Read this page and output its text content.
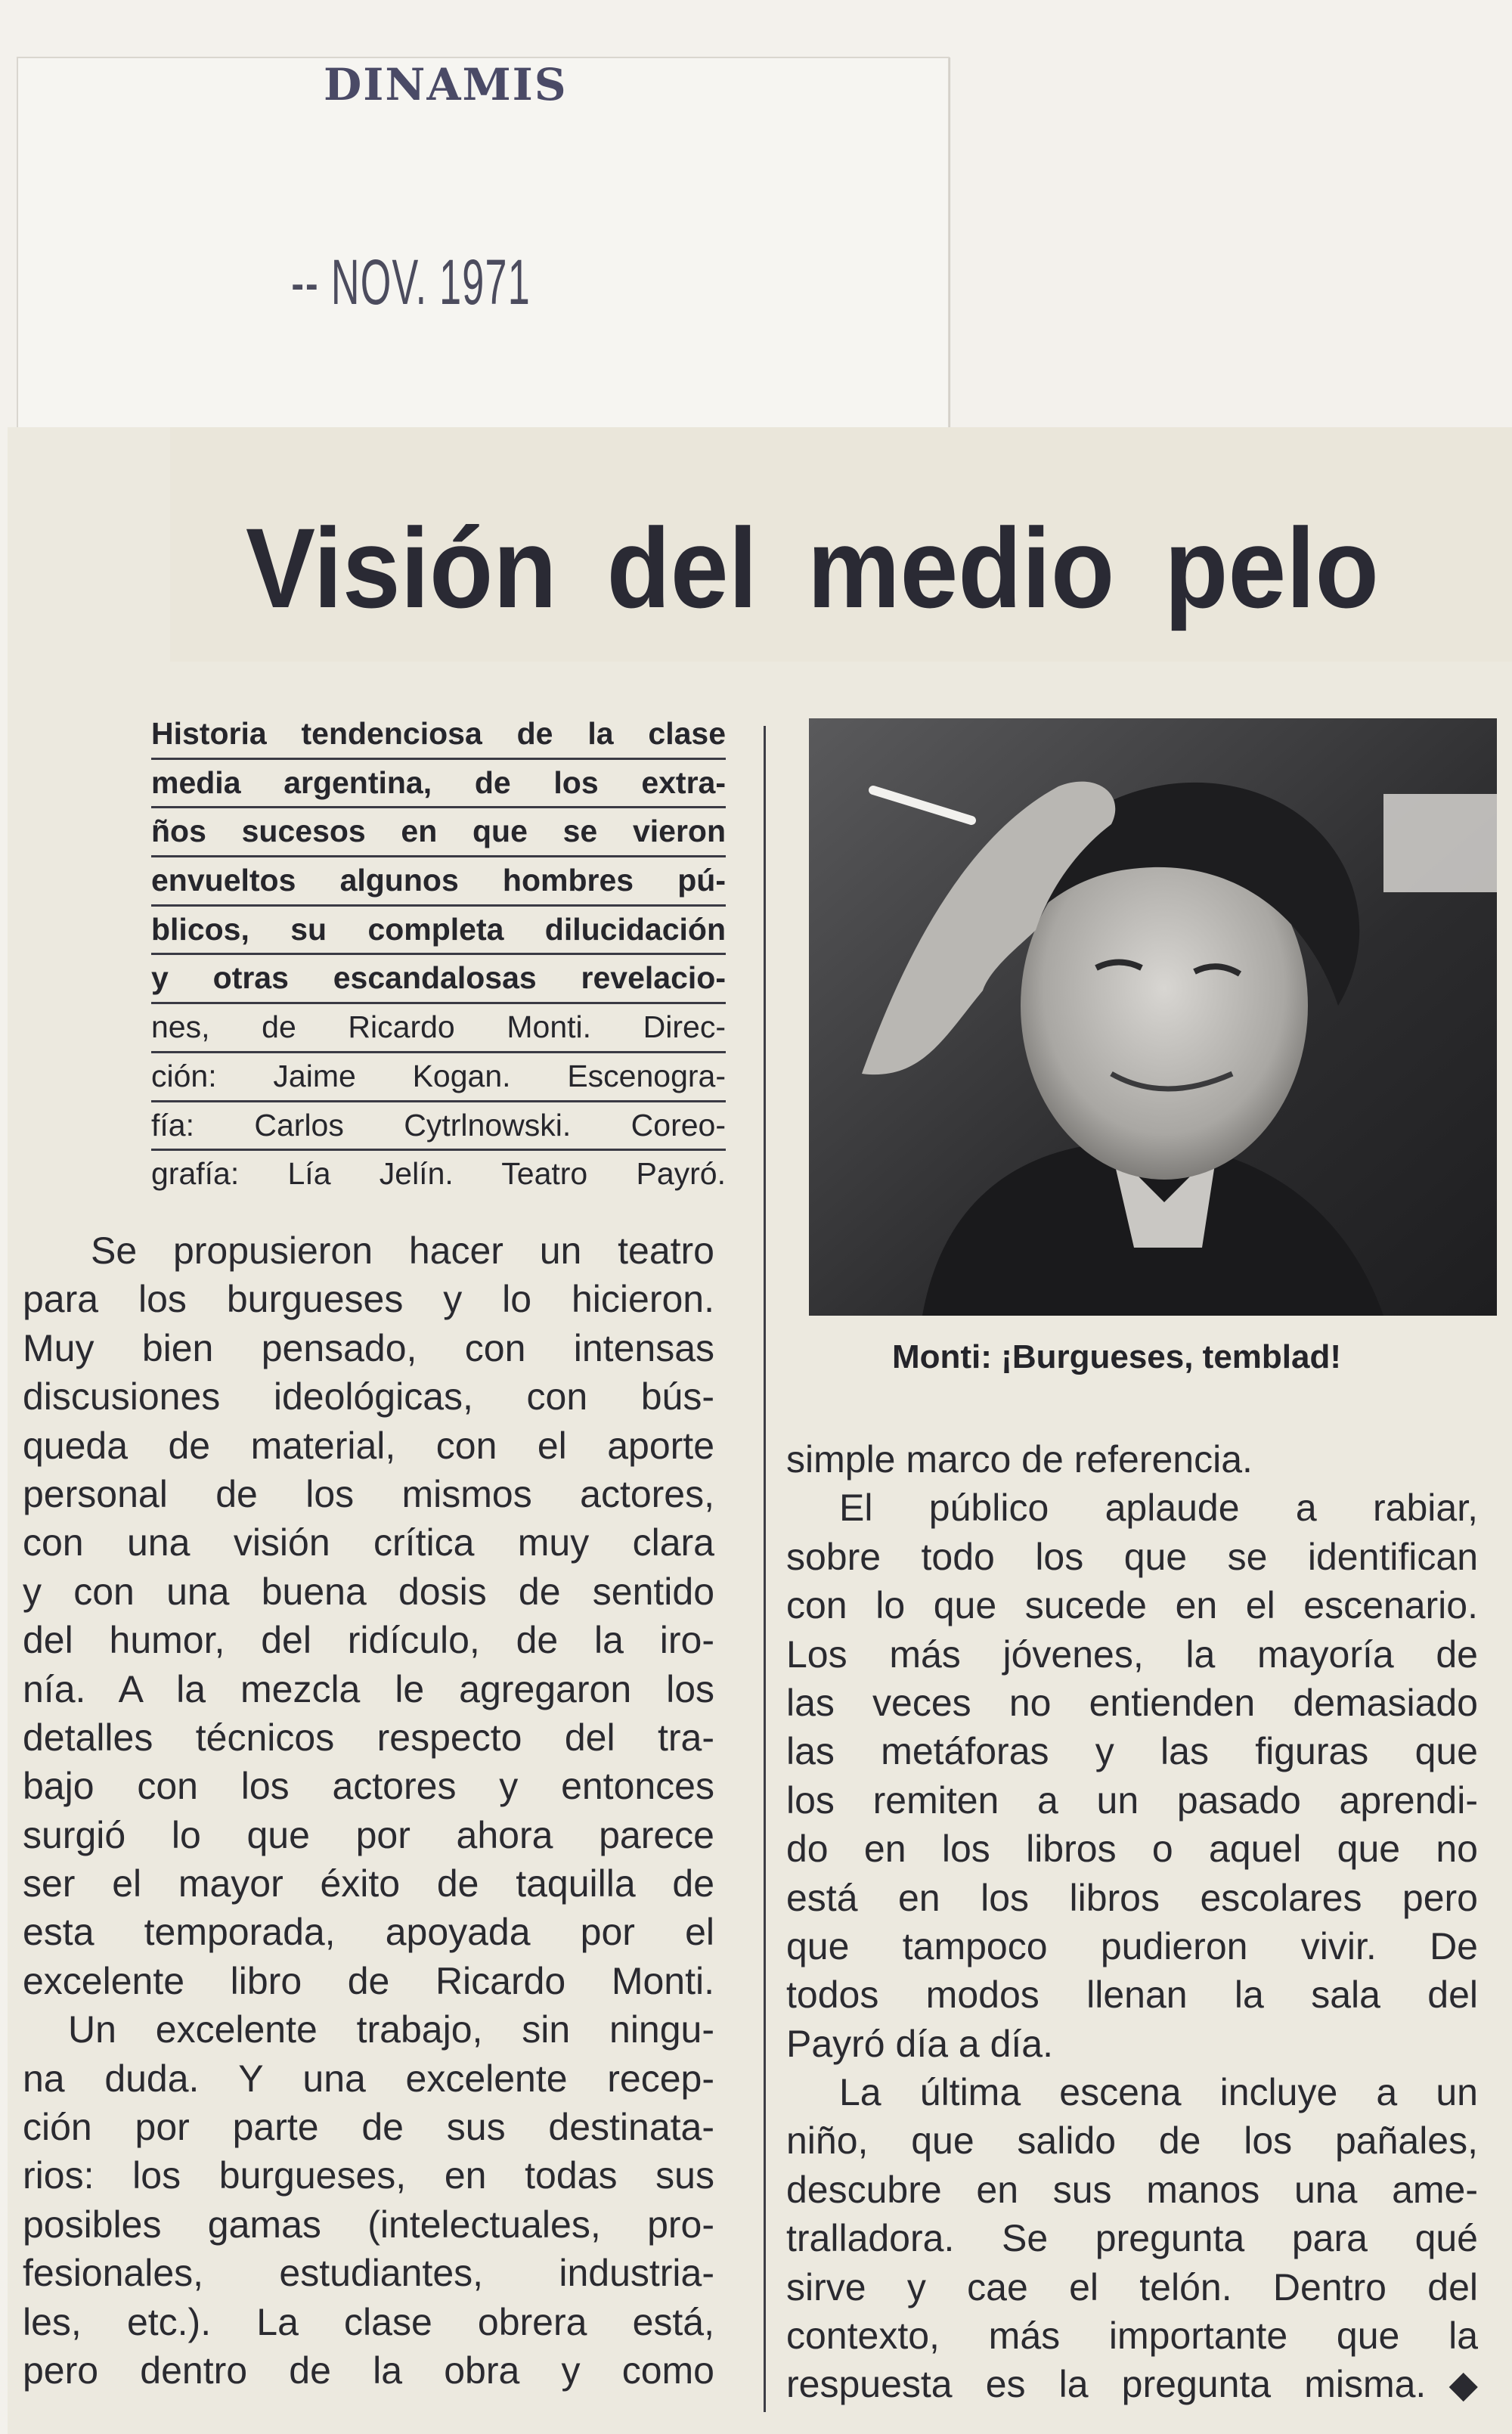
DINAMIS
-- NOV. 1971
Visión del medio pelo
Historia tendenciosa de la clase
media argentina, de los extra-
ños sucesos en que se vieron
envueltos algunos hombres pú-
blicos, su completa dilucidación
y otras escandalosas revelacio-
nes, de Ricardo Monti. Direc-
ción: Jaime Kogan. Escenogra-
fía: Carlos Cytrlnowski. Coreo-
grafía: Lía Jelín. Teatro Payró.
Monti: ¡Burgueses, temblad!
Se propusieron hacer un teatro
para los burgueses y lo hicieron.
Muy bien pensado, con intensas
discusiones ideológicas, con bús-
queda de material, con el aporte
personal de los mismos actores,
con una visión crítica muy clara
y con una buena dosis de sentido
del humor, del ridículo, de la iro-
nía. A la mezcla le agregaron los
detalles técnicos respecto del tra-
bajo con los actores y entonces
surgió lo que por ahora parece
ser el mayor éxito de taquilla de
esta temporada, apoyada por el
excelente libro de Ricardo Monti.
Un excelente trabajo, sin ningu-
na duda. Y una excelente recep-
ción por parte de sus destinata-
rios: los burgueses, en todas sus
posibles gamas (intelectuales, pro-
fesionales, estudiantes, industria-
les, etc.). La clase obrera está,
pero dentro de la obra y como
simple marco de referencia.
El público aplaude a rabiar,
sobre todo los que se identifican
con lo que sucede en el escenario.
Los más jóvenes, la mayoría de
las veces no entienden demasiado
las metáforas y las figuras que
los remiten a un pasado aprendi-
do en los libros o aquel que no
está en los libros escolares pero
que tampoco pudieron vivir. De
todos modos llenan la sala del
Payró día a día.
La última escena incluye a un
niño, que salido de los pañales,
descubre en sus manos una ame-
tralladora. Se pregunta para qué
sirve y cae el telón. Dentro del
contexto, más importante que la
respuesta es la pregunta misma.◆
